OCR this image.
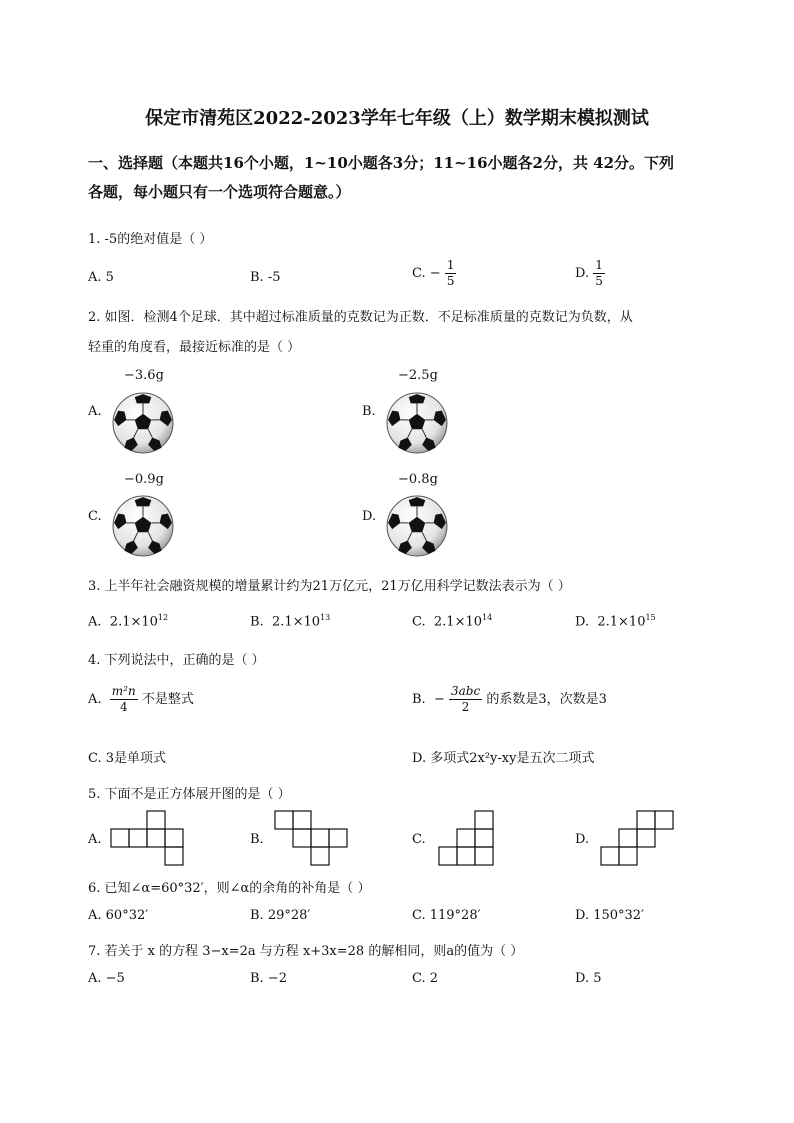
保定市清苑区2022-2023学年七年级（上）数学期末模拟测试
一、选择题（本题共16个小题，1~10小题各3分；11~16小题各2分，共 42分。下列
各题，每小题只有一个选项符合题意。）
1. -5的绝对值是（ ）
A. 5	B. -5	C. − $\frac{1}{5}$	D. $\frac{1}{5}$
2. 如图．检测4个足球．其中超过标准质量的克数记为正数．不足标准质量的克数记为负数，从
轻重的角度看，最接近标准的是（ ）
−3.6g
A.
−2.5g
B.
−0.9g
C.
−0.8g
D.
3. 上半年社会融资规模的增量累计约为21万亿元，21万亿用科学记数法表示为（ ）
A. $2.1\times 10^{12}$	B. $2.1\times 10^{13}$	C. $2.1\times 10^{14}$	D. $2.1\times 10^{15}$
4. 下列说法中，正确的是（ ）
A. $\frac{\text{m²n}}{4}$ 不是整式	B. − $\frac{\text{3abc}}{2}$ 的系数是3，次数是3
C. 3是单项式	D. 多项式2x²y-xy是五次二项式
5. 下面不是正方体展开图的是（ ）
A.	B.	C.	D.
6. 已知∠α=60°32′，则∠α的余角的补角是（ ）
A. 60°32′	B. 29°28′	C. 119°28′	D. 150°32′
7. 若关于 x 的方程 3−x=2a 与方程 x+3x=28 的解相同，则a的值为（ ）
A. −5	B. −2	C. 2	D. 5
